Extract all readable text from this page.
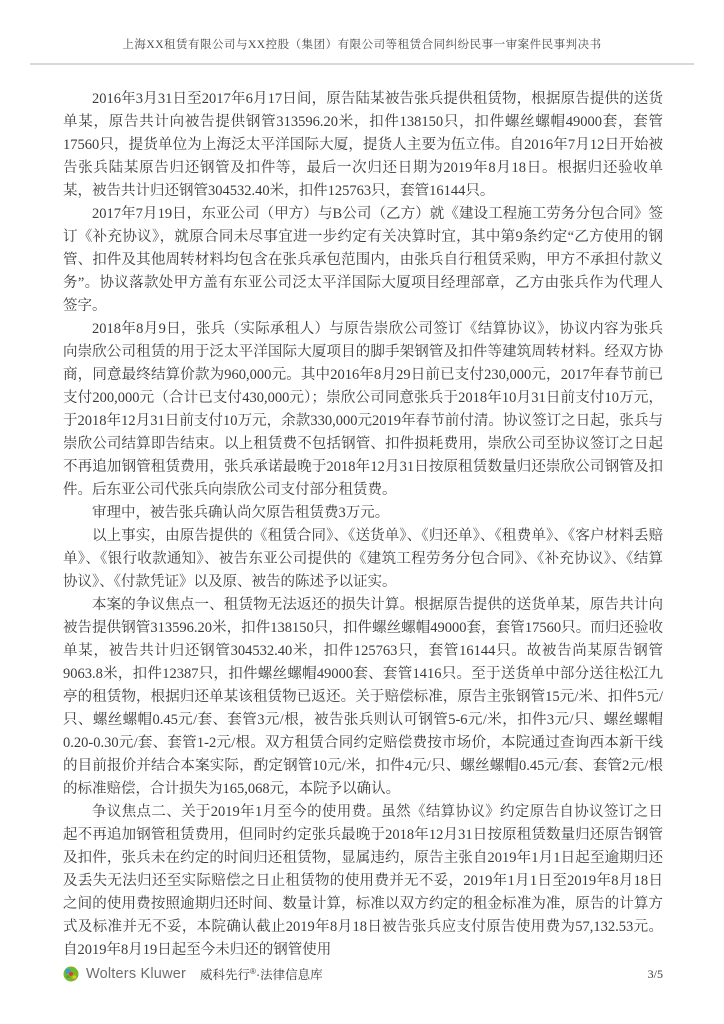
上海XX租赁有限公司与XX控股（集团）有限公司等租赁合同纠纷民事一审案件民事判决书

2016年3月31日至2017年6月17日间，原告陆某被告张兵提供租赁物，根据原告提供的送货单某，原告共计向被告提供钢管313596.20米，扣件138150只，扣件螺丝螺帽49000套，套管17560只，提货单位为上海泛太平洋国际大厦，提货人主要为伍立伟。自2016年7月12日开始被告张兵陆某原告归还钢管及扣件等，最后一次归还日期为2019年8月18日。根据归还验收单某，被告共计归还钢管304532.40米，扣件125763只，套管16144只。

2017年7月19日，东亚公司（甲方）与B公司（乙方）就《建设工程施工劳务分包合同》签订《补充协议》，就原合同未尽事宜进一步约定有关决算时宜，其中第9条约定“乙方使用的钢管、扣件及其他周转材料均包含在张兵承包范围内，由张兵自行租赁采购，甲方不承担付款义务”。协议落款处甲方盖有东亚公司泛太平洋国际大厦项目经理部章，乙方由张兵作为代理人签字。

2018年8月9日，张兵（实际承租人）与原告崇欣公司签订《结算协议》，协议内容为张兵向崇欣公司租赁的用于泛太平洋国际大厦项目的脚手架钢管及扣件等建筑周转材料。经双方协商，同意最终结算价款为960,000元。其中2016年8月29日前已支付230,000元，2017年春节前已支付200,000元（合计已支付430,000元）；崇欣公司同意张兵于2018年10月31日前支付10万元，于2018年12月31日前支付10万元，余款330,000元2019年春节前付清。协议签订之日起，张兵与崇欣公司结算即告结束。以上租赁费不包括钢管、扣件损耗费用，崇欣公司至协议签订之日起不再追加钢管租赁费用，张兵承诺最晚于2018年12月31日按原租赁数量归还崇欣公司钢管及扣件。后东亚公司代张兵向崇欣公司支付部分租赁费。

审理中，被告张兵确认尚欠原告租赁费3万元。

以上事实，由原告提供的《租赁合同》、《送货单》、《归还单》、《租费单》、《客户材料丢赔单》、《银行收款通知》、被告东亚公司提供的《建筑工程劳务分包合同》、《补充协议》、《结算协议》、《付款凭证》以及原、被告的陈述予以证实。

本案的争议焦点一、租赁物无法返还的损失计算。根据原告提供的送货单某，原告共计向被告提供钢管313596.20米，扣件138150只，扣件螺丝螺帽49000套，套管17560只。而归还验收单某，被告共计归还钢管304532.40米，扣件125763只，套管16144只。故被告尚某原告钢管9063.8米，扣件12387只，扣件螺丝螺帽49000套、套管1416只。至于送货单中部分送往松江九亭的租赁物，根据归还单某该租赁物已返还。关于赔偿标准，原告主张钢管15元/米、扣件5元/只、螺丝螺帽0.45元/套、套管3元/根，被告张兵则认可钢管5-6元/米，扣件3元/只、螺丝螺帽0.20-0.30元/套、套管1-2元/根。双方租赁合同约定赔偿费按市场价，本院通过查询西本新干线的目前报价并结合本案实际，酌定钢管10元/米，扣件4元/只、螺丝螺帽0.45元/套、套管2元/根的标准赔偿，合计损失为165,068元，本院予以确认。

争议焦点二、关于2019年1月至今的使用费。虽然《结算协议》约定原告自协议签订之日起不再追加钢管租赁费用，但同时约定张兵最晚于2018年12月31日按原租赁数量归还原告钢管及扣件，张兵未在约定的时间归还租赁物，显属违约，原告主张自2019年1月1日起至逾期归还及丢失无法归还至实际赔偿之日止租赁物的使用费并无不妥，2019年1月1日至2019年8月18日之间的使用费按照逾期归还时间、数量计算，标准以双方约定的租金标准为准，原告的计算方式及标准并无不妥，本院确认截止2019年8月18日被告张兵应支付原告使用费为57,132.53元。自2019年8月19日起至今未归还的钢管使用

Wolters Kluwer 威科先行®·法律信息库	3/5
